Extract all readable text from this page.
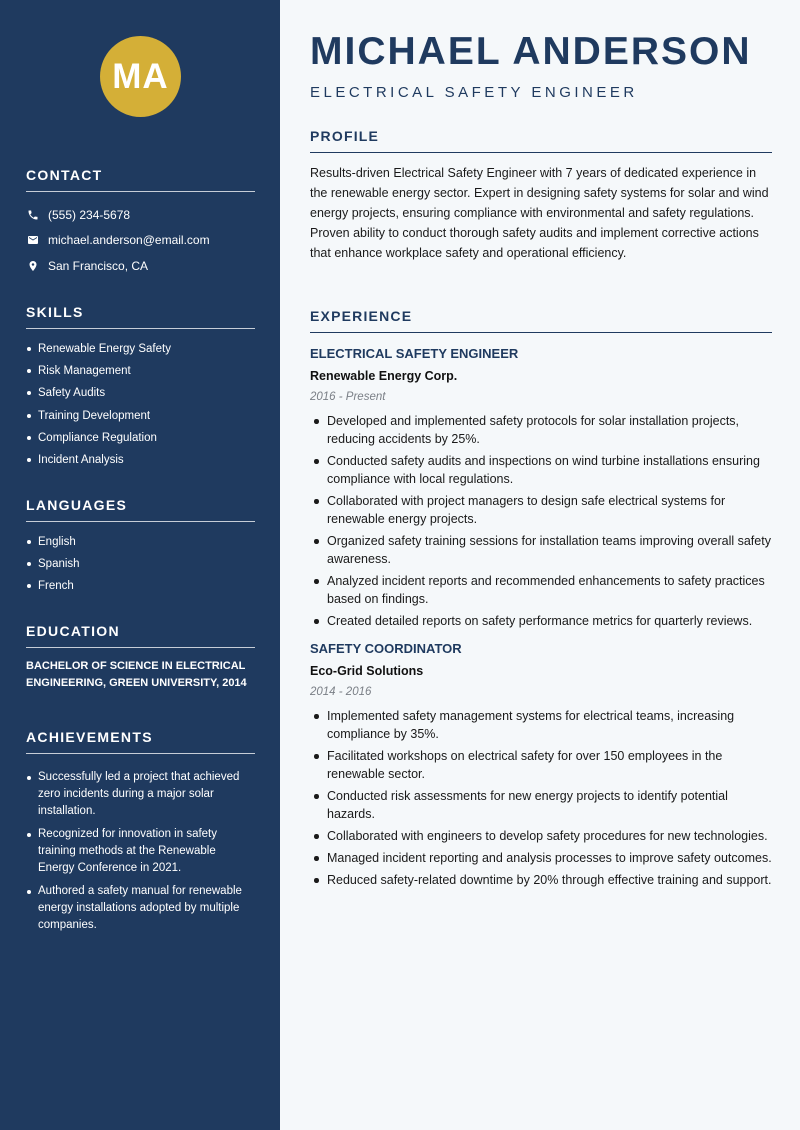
MA
CONTACT
(555) 234-5678
michael.anderson@email.com
San Francisco, CA
SKILLS
Renewable Energy Safety
Risk Management
Safety Audits
Training Development
Compliance Regulation
Incident Analysis
LANGUAGES
English
Spanish
French
EDUCATION
BACHELOR OF SCIENCE IN ELECTRICAL ENGINEERING, GREEN UNIVERSITY, 2014
ACHIEVEMENTS
Successfully led a project that achieved zero incidents during a major solar installation.
Recognized for innovation in safety training methods at the Renewable Energy Conference in 2021.
Authored a safety manual for renewable energy installations adopted by multiple companies.
MICHAEL ANDERSON
ELECTRICAL SAFETY ENGINEER
PROFILE

Results-driven Electrical Safety Engineer with 7 years of dedicated experience in the renewable energy sector. Expert in designing safety systems for solar and wind energy projects, ensuring compliance with environmental and safety regulations. Proven ability to conduct thorough safety audits and implement corrective actions that enhance workplace safety and operational efficiency.

EXPERIENCE
ELECTRICAL SAFETY ENGINEER
Renewable Energy Corp.
2016 - Present
Developed and implemented safety protocols for solar installation projects, reducing accidents by 25%.
Conducted safety audits and inspections on wind turbine installations ensuring compliance with local regulations.
Collaborated with project managers to design safe electrical systems for renewable energy projects.
Organized safety training sessions for installation teams improving overall safety awareness.
Analyzed incident reports and recommended enhancements to safety practices based on findings.
Created detailed reports on safety performance metrics for quarterly reviews.
SAFETY COORDINATOR
Eco-Grid Solutions
2014 - 2016
Implemented safety management systems for electrical teams, increasing compliance by 35%.
Facilitated workshops on electrical safety for over 150 employees in the renewable sector.
Conducted risk assessments for new energy projects to identify potential hazards.
Collaborated with engineers to develop safety procedures for new technologies.
Managed incident reporting and analysis processes to improve safety outcomes.
Reduced safety-related downtime by 20% through effective training and support.
